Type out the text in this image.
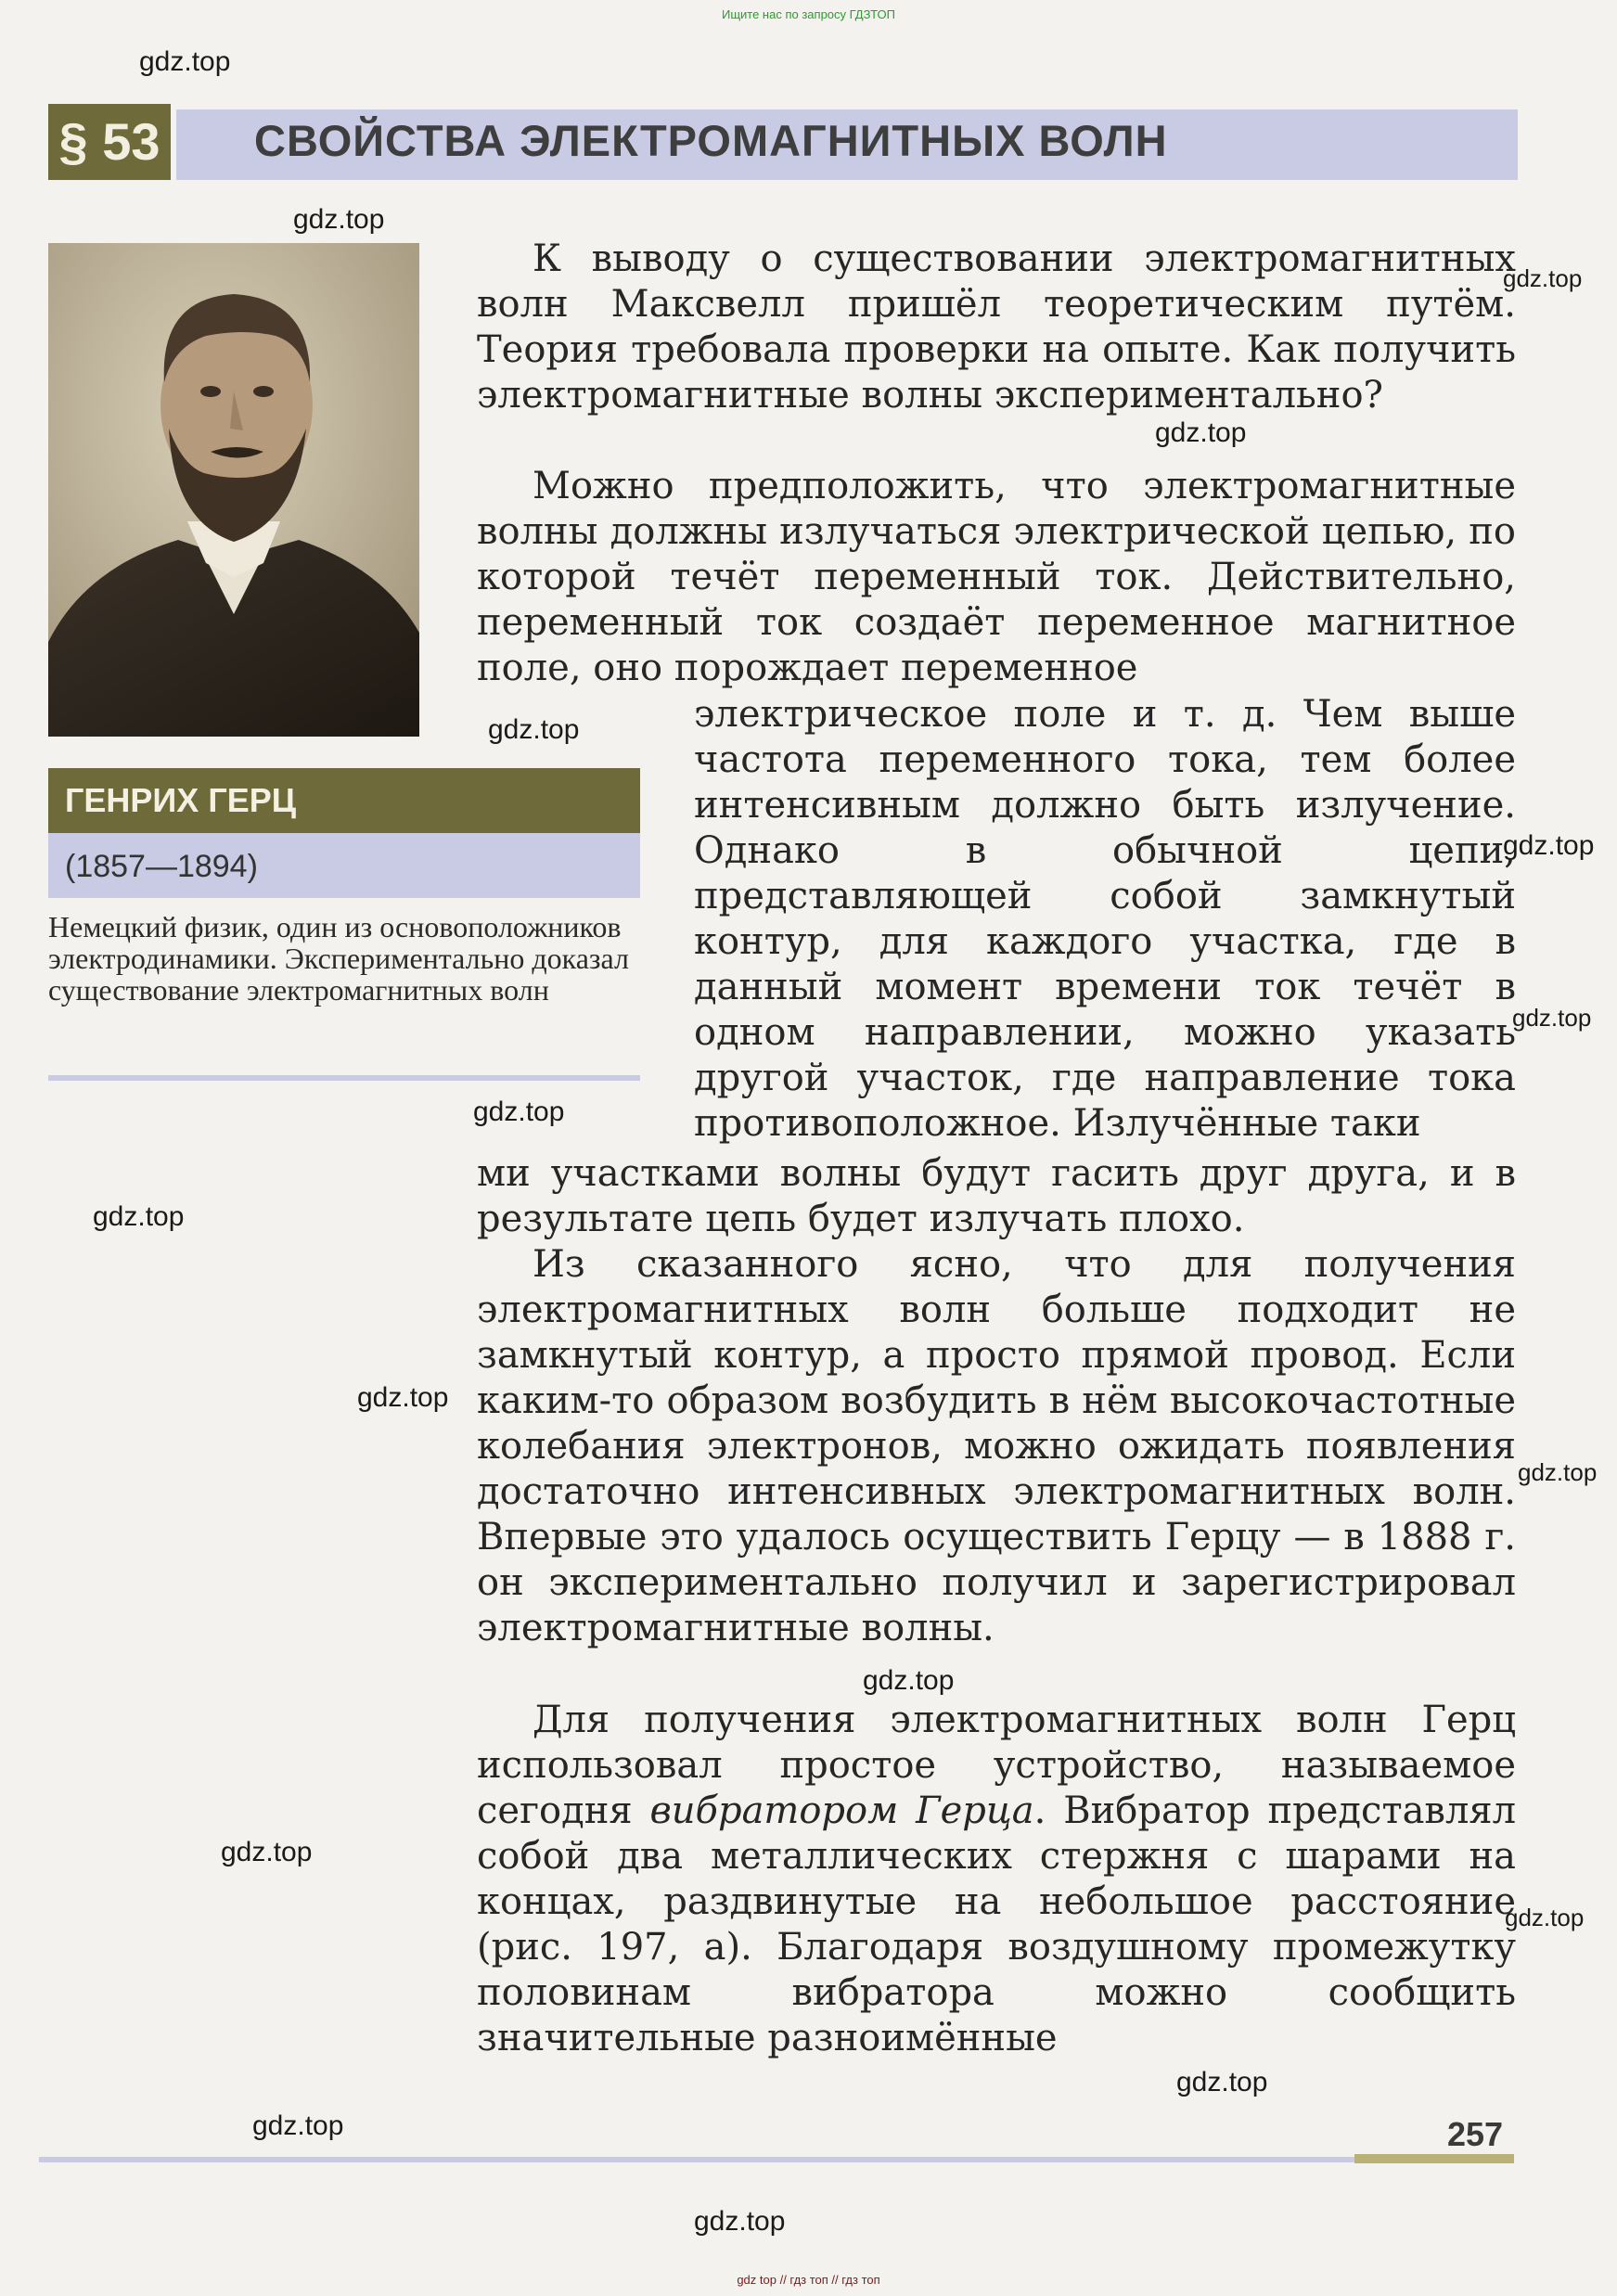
Ищите нас по запросу ГДЗТОП
gdz.top
§ 53 СВОЙСТВА ЭЛЕКТРОМАГНИТНЫХ ВОЛН
gdz.top
gdz.top
gdz.top
gdz.top
ГЕНРИХ ГЕРЦ
(1857—1894)
Немецкий физик, один из основоположников электродинамики. Экспериментально доказал существование электромагнитных волн
gdz.top
gdz.top
gdz.top
gdz.top
gdz.top
gdz.top
gdz.top
gdz.top
gdz.top
gdz.top
gdz.top
gdz.top

К выводу о существовании электромагнитных волн Максвелл пришёл теоретическим путём. Теория требовала проверки на опыте. Как получить электромагнитные волны экспериментально?

Можно предположить, что электромагнитные волны должны излучаться электрической цепью, по которой течёт переменный ток. Действительно, переменный ток создаёт переменное магнитное поле, оно порождает переменное

электрическое поле и т. д. Чем выше частота переменного тока, тем более интенсивным должно быть излучение. Однако в обычной цепи, представляющей собой замкнутый контур, для каждого участка, где в данный момент времени ток течёт в одном направлении, можно указать другой участок, где направление тока противоположное. Излучённые таки

ми участками волны будут гасить друг друга, и в результате цепь будет излучать плохо.

Из сказанного ясно, что для получения электромагнитных волн больше подходит не замкнутый контур, а просто прямой провод. Если каким-то образом возбудить в нём высокочастотные колебания электронов, можно ожидать появления достаточно интенсивных электромагнитных волн. Впервые это удалось осуществить Герцу — в 1888 г. он экспериментально получил и зарегистрировал электромагнитные волны.

Для получения электромагнитных волн Герц использовал простое устройство, называемое сегодня вибратором Герца. Вибратор представлял собой два металлических стержня с шарами на концах, раздвинутые на небольшое расстояние (рис. 197, а). Благодаря воздушному промежутку половинам вибратора можно сообщить значительные разноимённые

257
gdz top // гдз топ // гдз топ
